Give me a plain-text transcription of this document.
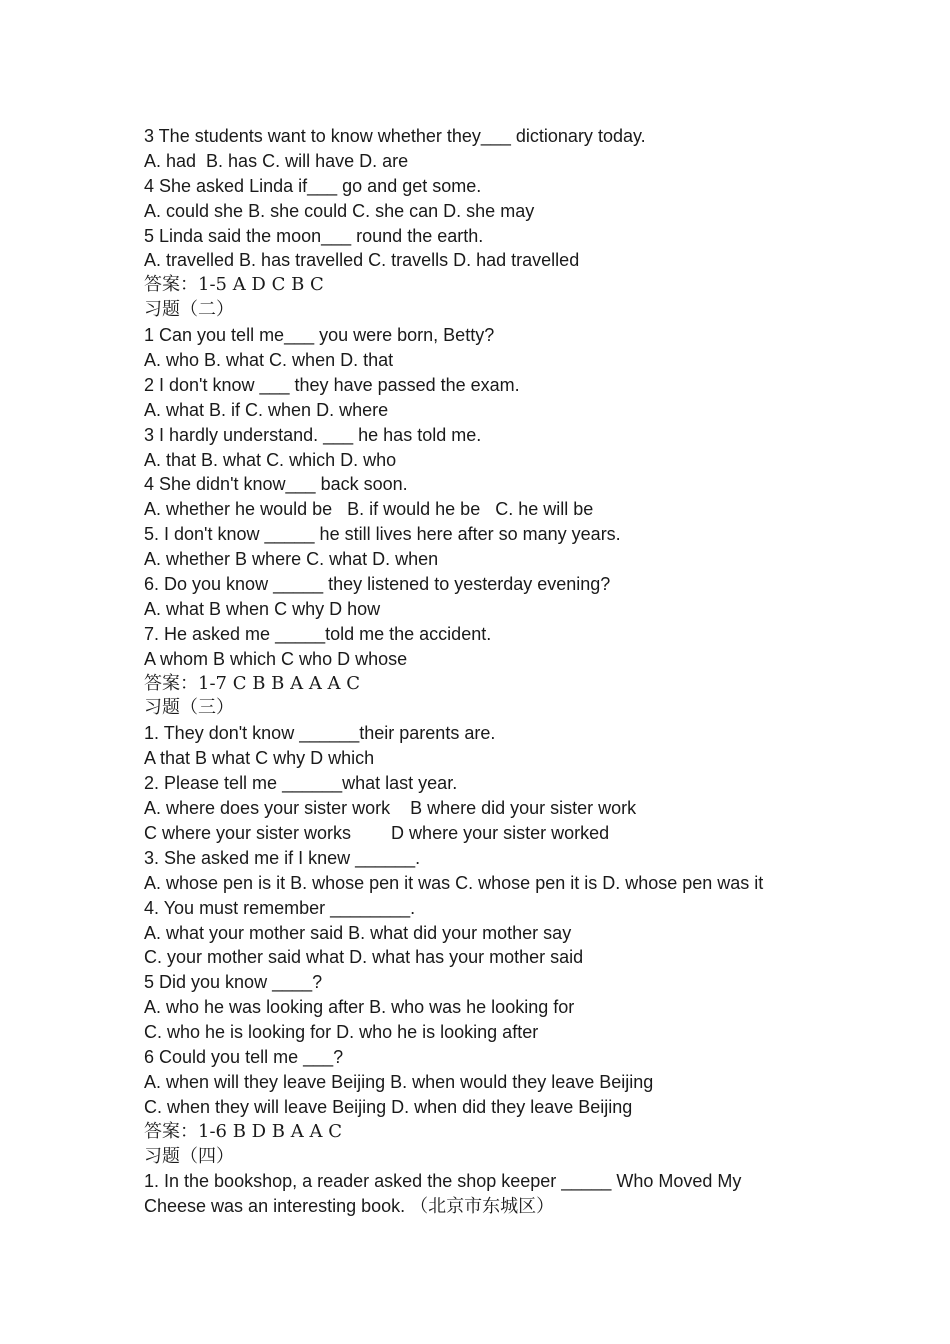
3 The students want to know whether they___ dictionary today.
A. had  B. has C. will have D. are
4 She asked Linda if___ go and get some.
A. could she B. she could C. she can D. she may
5 Linda said the moon___ round the earth.
A. travelled B. has travelled C. travells D. had travelled
答案：1-5 A D C B C
习题（二）
1 Can you tell me___ you were born, Betty?
A. who B. what C. when D. that
2 I don't know ___ they have passed the exam.
A. what B. if C. when D. where
3 I hardly understand. ___ he has told me.
A. that B. what C. which D. who
4 She didn't know___ back soon.
A. whether he would be   B. if would he be   C. he will be
5. I don't know _____ he still lives here after so many years.
A. whether B where C. what D. when
6. Do you know _____ they listened to yesterday evening?
A. what B when C why D how
7. He asked me _____told me the accident.
A whom B which C who D whose
答案：1-7 C B B A A A C
习题（三）
1. They don't know ______their parents are.
A that B what C why D which
2. Please tell me ______what last year.
A. where does your sister work    B where did your sister work
C where your sister works        D where your sister worked
3. She asked me if I knew ______.
A. whose pen is it B. whose pen it was C. whose pen it is D. whose pen was it
4. You must remember ________.
A. what your mother said B. what did your mother say
C. your mother said what D. what has your mother said
5 Did you know ____?
A. who he was looking after B. who was he looking for
C. who he is looking for D. who he is looking after
6 Could you tell me ___?
A. when will they leave Beijing B. when would they leave Beijing
C. when they will leave Beijing D. when did they leave Beijing
答案：1-6 B D B A A C
习题（四）
1. In the bookshop, a reader asked the shop keeper _____ Who Moved My
Cheese was an interesting book. （北京市东城区）
